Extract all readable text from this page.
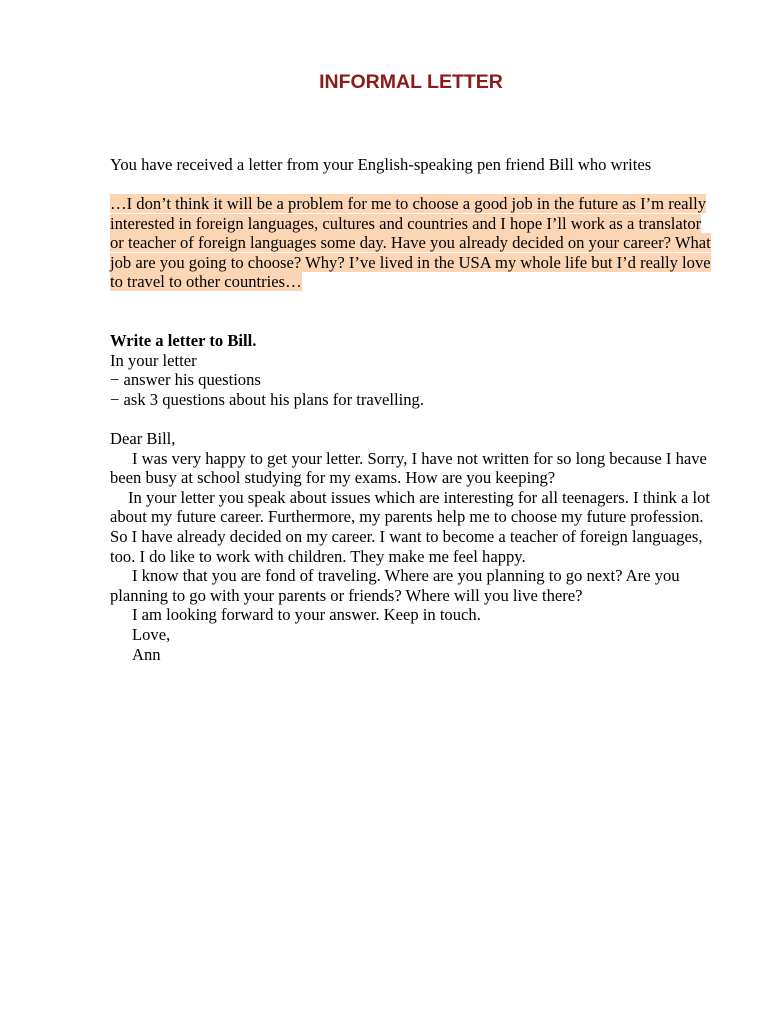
INFORMAL LETTER
You have received a letter from your English-speaking pen friend Bill who writes
…I don’t think it will be a problem for me to choose a good job in the future as I’m really interested in foreign languages, cultures and countries and I hope I’ll work as a translator or teacher of foreign languages some day. Have you already decided on your career? What job are you going to choose? Why? I’ve lived in the USA my whole life but I’d really love to travel to other countries…

Write a letter to Bill.

In your letter

− answer his questions

− ask 3 questions about his plans for travelling.

Dear Bill,

I was very happy to get your letter. Sorry, I have not written for so long because I have been busy at school studying for my exams. How are you keeping?

In your letter you speak about issues which are interesting for all teenagers. I think a lot about my future career. Furthermore, my parents help me to choose my future profession. So I have already decided on my career. I want to become a teacher of foreign languages, too. I do like to work with children. They make me feel happy.

I know that you are fond of traveling. Where are you planning to go next? Are you planning to go with your parents or friends? Where will you live there?

I am looking forward to your answer. Keep in touch.

Love,

Ann
